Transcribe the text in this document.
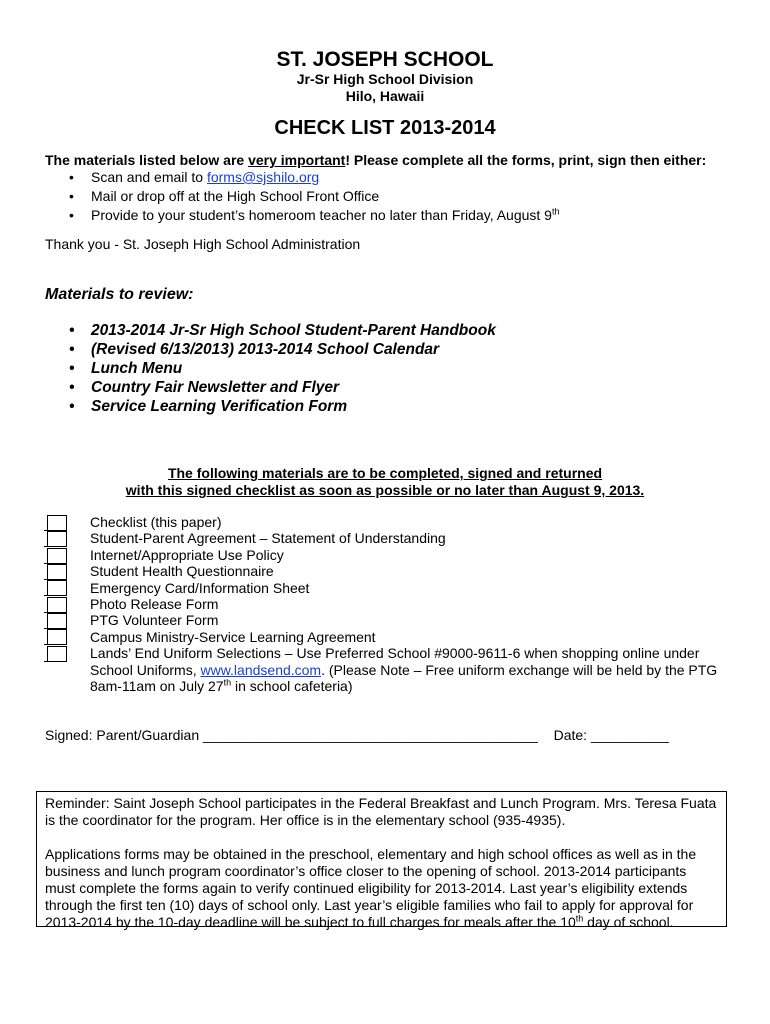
ST. JOSEPH SCHOOL
Jr-Sr High School Division
Hilo, Hawaii
CHECK LIST 2013-2014
The materials listed below are very important! Please complete all the forms, print, sign then either:
• Scan and email to forms@sjshilo.org
• Mail or drop off at the High School Front Office
• Provide to your student’s homeroom teacher no later than Friday, August 9th
Thank you - St. Joseph High School Administration
Materials to review:
• 2013-2014 Jr-Sr High School Student-Parent Handbook
• (Revised 6/13/2013) 2013-2014 School Calendar
• Lunch Menu
• Country Fair Newsletter and Flyer
• Service Learning Verification Form
The following materials are to be completed, signed and returned
with this signed checklist as soon as possible or no later than August 9, 2013.
Checklist (this paper)
Student-Parent Agreement – Statement of Understanding
Internet/Appropriate Use Policy
Student Health Questionnaire
Emergency Card/Information Sheet
Photo Release Form
PTG Volunteer Form
Campus Ministry-Service Learning Agreement
Lands’ End Uniform Selections – Use Preferred School #9000-9611-6 when shopping online under School Uniforms, www.landsend.com. (Please Note – Free uniform exchange will be held by the PTG 8am-11am on July 27th in school cafeteria)
Signed: Parent/Guardian ___________________________________________ Date: __________

Reminder: Saint Joseph School participates in the Federal Breakfast and Lunch Program. Mrs. Teresa Fuata is the coordinator for the program. Her office is in the elementary school (935-4935).

Applications forms may be obtained in the preschool, elementary and high school offices as well as in the business and lunch program coordinator’s office closer to the opening of school. 2013-2014 participants must complete the forms again to verify continued eligibility for 2013-2014. Last year’s eligibility extends through the first ten (10) days of school only. Last year’s eligible families who fail to apply for approval for 2013-2014 by the 10-day deadline will be subject to full charges for meals after the 10th day of school.
